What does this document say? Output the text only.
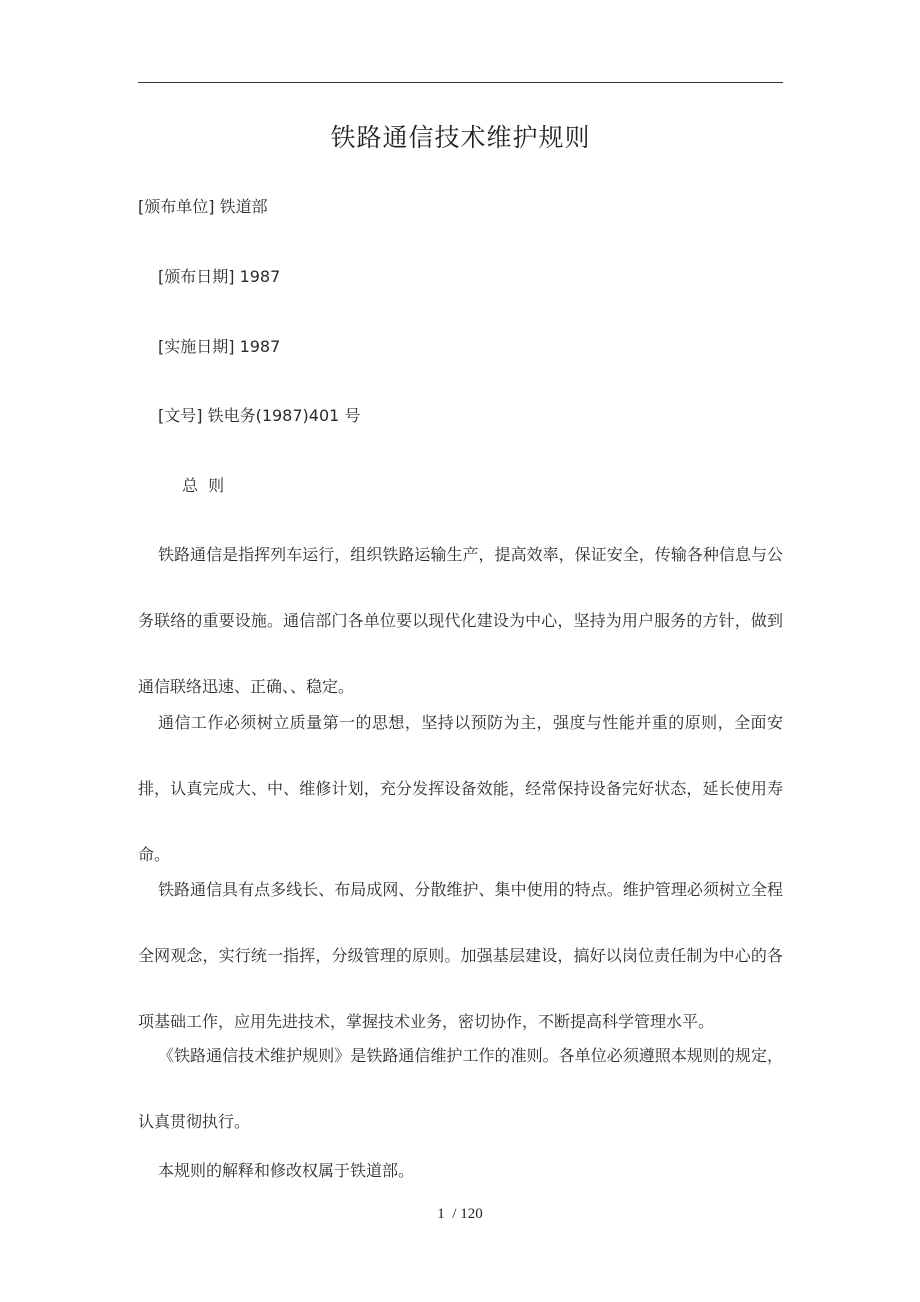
铁路通信技术维护规则
[颁布单位] 铁道部
[颁布日期] 1987
[实施日期] 1987
[文号] 铁电务(1987)401 号
总  则
铁路通信是指挥列车运行，组织铁路运输生产，提高效率，保证安全，传输各种信息与公务联络的重要设施。通信部门各单位要以现代化建设为中心，坚持为用户服务的方针，做到通信联络迅速、正确、、稳定。
通信工作必须树立质量第一的思想，坚持以预防为主，强度与性能并重的原则，全面安排，认真完成大、中、维修计划，充分发挥设备效能，经常保持设备完好状态，延长使用寿命。
铁路通信具有点多线长、布局成网、分散维护、集中使用的特点。维护管理必须树立全程全网观念，实行统一指挥，分级管理的原则。加强基层建设，搞好以岗位责任制为中心的各项基础工作，应用先进技术，掌握技术业务，密切协作，不断提高科学管理水平。
《铁路通信技术维护规则》是铁路通信维护工作的准则。各单位必须遵照本规则的规定，认真贯彻执行。
本规则的解释和修改权属于铁道部。
1  / 120
